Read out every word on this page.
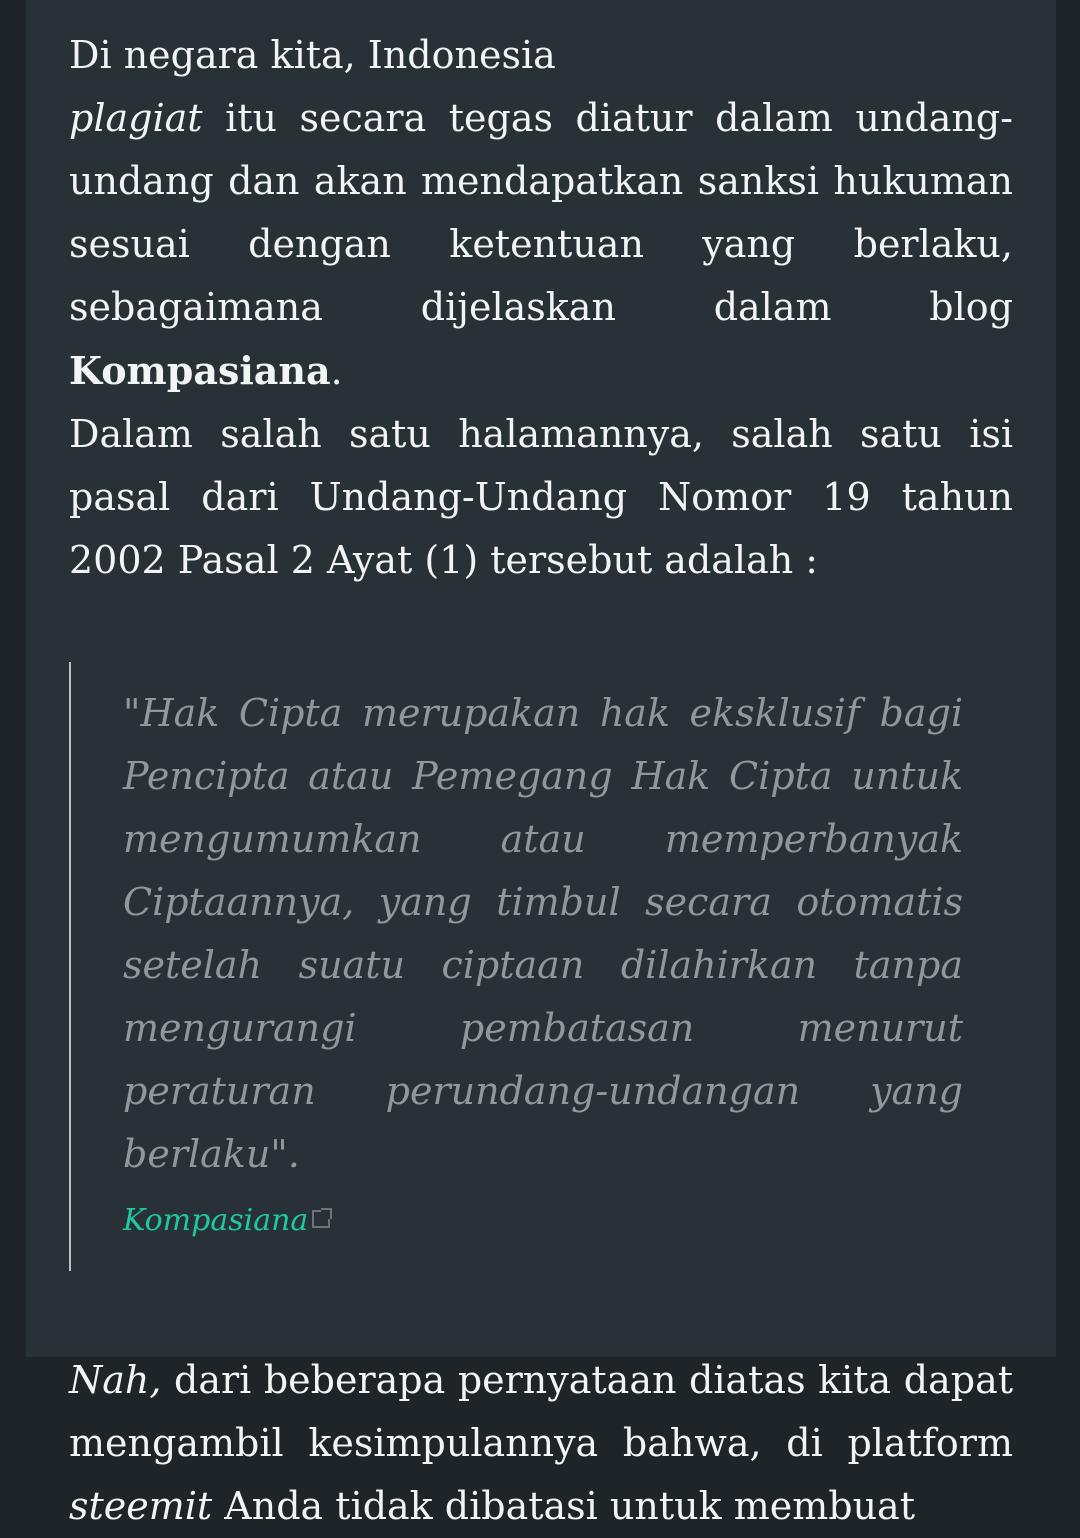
Di negara kita, Indonesia

plagiat itu secara tegas diatur dalam undang-undang dan akan mendapatkan sanksi hukuman sesuai dengan ketentuan yang berlaku, sebagaimana dijelaskan dalam blog Kompasiana.

Dalam salah satu halamannya, salah satu isi pasal dari Undang-Undang Nomor 19 tahun 2002 Pasal 2 Ayat (1) tersebut adalah :

"Hak Cipta merupakan hak eksklusif bagi Pencipta atau Pemegang Hak Cipta untuk mengumumkan atau memperbanyak Ciptaannya, yang timbul secara otomatis setelah suatu ciptaan dilahirkan tanpa mengurangi pembatasan menurut peraturan perundang-undangan yang berlaku".
Kompasiana

Nah, dari beberapa pernyataan diatas kita dapat mengambil kesimpulannya bahwa, di platform steemit Anda tidak dibatasi untuk membuat
